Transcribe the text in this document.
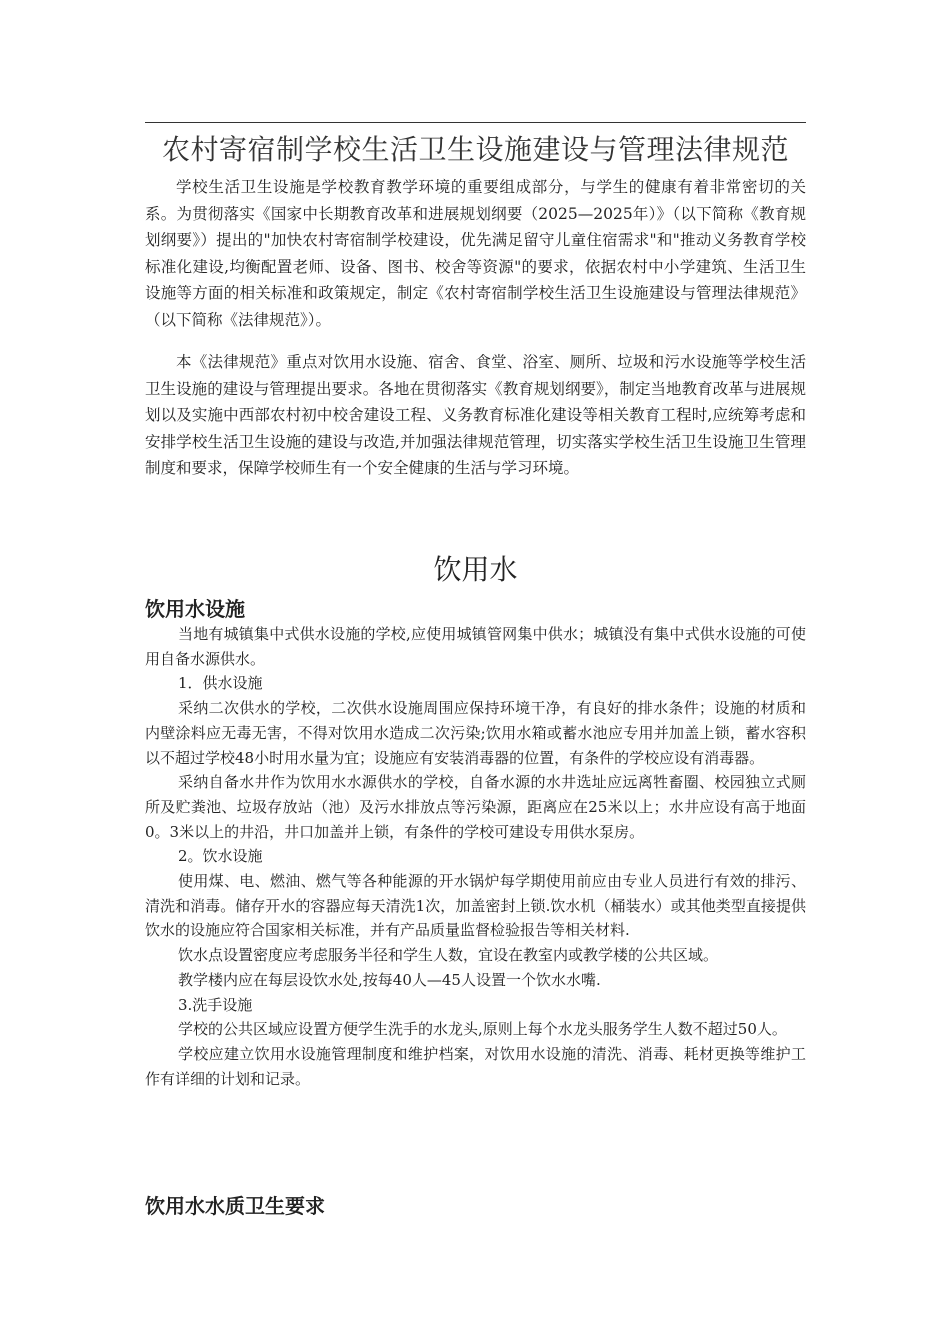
农村寄宿制学校生活卫生设施建设与管理法律规范

学校生活卫生设施是学校教育教学环境的重要组成部分，与学生的健康有着非常密切的关系。为贯彻落实《国家中长期教育改革和进展规划纲要（2025—2025年）》（以下简称《教育规划纲要》）提出的"加快农村寄宿制学校建设，优先满足留守儿童住宿需求"和"推动义务教育学校标准化建设,均衡配置老师、设备、图书、校舍等资源"的要求，依据农村中小学建筑、生活卫生设施等方面的相关标准和政策规定，制定《农村寄宿制学校生活卫生设施建设与管理法律规范》（以下简称《法律规范》）。

本《法律规范》重点对饮用水设施、宿舍、食堂、浴室、厕所、垃圾和污水设施等学校生活卫生设施的建设与管理提出要求。各地在贯彻落实《教育规划纲要》，制定当地教育改革与进展规划以及实施中西部农村初中校舍建设工程、义务教育标准化建设等相关教育工程时,应统筹考虑和安排学校生活卫生设施的建设与改造,并加强法律规范管理，切实落实学校生活卫生设施卫生管理制度和要求，保障学校师生有一个安全健康的生活与学习环境。

饮用水
饮用水设施

当地有城镇集中式供水设施的学校,应使用城镇管网集中供水；城镇没有集中式供水设施的可使用自备水源供水。

1．供水设施

采纳二次供水的学校，二次供水设施周围应保持环境干净，有良好的排水条件；设施的材质和内壁涂料应无毒无害，不得对饮用水造成二次污染;饮用水箱或蓄水池应专用并加盖上锁，蓄水容积以不超过学校48小时用水量为宜；设施应有安装消毒器的位置，有条件的学校应设有消毒器。

采纳自备水井作为饮用水水源供水的学校，自备水源的水井选址应远离牲畜圈、校园独立式厕所及贮粪池、垃圾存放站（池）及污水排放点等污染源，距离应在25米以上；水井应设有高于地面0。3米以上的井沿，井口加盖并上锁，有条件的学校可建设专用供水泵房。

2。饮水设施

使用煤、电、燃油、燃气等各种能源的开水锅炉每学期使用前应由专业人员进行有效的排污、清洗和消毒。储存开水的容器应每天清洗1次，加盖密封上锁.饮水机（桶装水）或其他类型直接提供饮水的设施应符合国家相关标准，并有产品质量监督检验报告等相关材料.

饮水点设置密度应考虑服务半径和学生人数，宜设在教室内或教学楼的公共区域。

教学楼内应在每层设饮水处,按每40人—45人设置一个饮水水嘴.

3.洗手设施

学校的公共区域应设置方便学生洗手的水龙头,原则上每个水龙头服务学生人数不超过50人。

学校应建立饮用水设施管理制度和维护档案，对饮用水设施的清洗、消毒、耗材更换等维护工作有详细的计划和记录。

饮用水水质卫生要求
